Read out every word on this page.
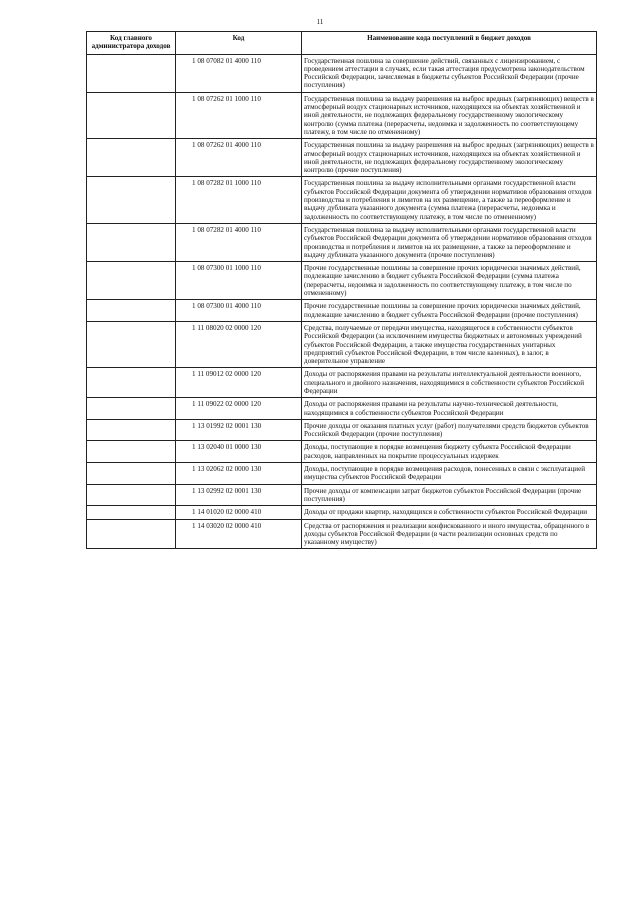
11
Код главного администратора доходов	Код	Наименование кода поступлений в бюджет доходов
	1 08 07082 01 4000 110	Государственная пошлина за совершение действий, связанных с лицензированием, с проведением аттестации в случаях, если такая аттестация предусмотрена законодательством Российской Федерации, зачисляемая в бюджеты субъектов Российской Федерации (прочие поступления)
	1 08 07262 01 1000 110	Государственная пошлина за выдачу разрешения на выброс вредных (загрязняющих) веществ в атмосферный воздух стационарных источников, находящихся на объектах хозяйственной и иной деятельности, не подлежащих федеральному государственному экологическому контролю (сумма платежа (перерасчеты, недоимка и задолженность по соответствующему платежу, в том числе по отмененному)
	1 08 07262 01 4000 110	Государственная пошлина за выдачу разрешения на выброс вредных (загрязняющих) веществ в атмосферный воздух стационарных источников, находящихся на объектах хозяйственной и иной деятельности, не подлежащих федеральному государственному экологическому контролю (прочие поступления)
	1 08 07282 01 1000 110	Государственная пошлина за выдачу исполнительными органами государственной власти субъектов Российской Федерации документа об утверждении нормативов образования отходов производства и потребления и лимитов на их размещение, а также за переоформление и выдачу дубликата указанного документа (сумма платежа (перерасчеты, недоимка и задолженность по соответствующему платежу, в том числе по отмененному)
	1 08 07282 01 4000 110	Государственная пошлина за выдачу исполнительными органами государственной власти субъектов Российской Федерации документа об утверждении нормативов образования отходов производства и потребления и лимитов на их размещение, а также за переоформление и выдачу дубликата указанного документа (прочие поступления)
	1 08 07300 01 1000 110	Прочие государственные пошлины за совершение прочих юридически значимых действий, подлежащие зачислению в бюджет субъекта Российской Федерации (сумма платежа (перерасчеты, недоимка и задолженность по соответствующему платежу, в том числе по отмененному)
	1 08 07300 01 4000 110	Прочие государственные пошлины за совершение прочих юридически значимых действий, подлежащие зачислению в бюджет субъекта Российской Федерации (прочие поступления)
	1 11 08020 02 0000 120	Средства, получаемые от передачи имущества, находящегося в собственности субъектов Российской Федерации (за исключением имущества бюджетных и автономных учреждений субъектов Российской Федерации, а также имущества государственных унитарных предприятий субъектов Российской Федерации, в том числе казенных), в залог, в доверительное управление
	1 11 09012 02 0000 120	Доходы от распоряжения правами на результаты интеллектуальной деятельности военного, специального и двойного назначения, находящимися в собственности субъектов Российской Федерации
	1 11 09022 02 0000 120	Доходы от распоряжения правами на результаты научно-технической деятельности, находящимися в собственности субъектов Российской Федерации
	1 13 01992 02 0001 130	Прочие доходы от оказания платных услуг (работ) получателями средств бюджетов субъектов Российской Федерации (прочие поступления)
	1 13 02040 01 0000 130	Доходы, поступающие в порядке возмещения бюджету субъекта Российской Федерации расходов, направленных на покрытие процессуальных издержек
	1 13 02062 02 0000 130	Доходы, поступающие в порядке возмещения расходов, понесенных в связи с эксплуатацией имущества субъектов Российской Федерации
	1 13 02992 02 0001 130	Прочие доходы от компенсации затрат бюджетов субъектов Российской Федерации (прочие поступления)
	1 14 01020 02 0000 410	Доходы от продажи квартир, находящихся в собственности субъектов Российской Федерации
	1 14 03020 02 0000 410	Средства от распоряжения и реализации конфискованного и иного имущества, обращенного в доходы субъектов Российской Федерации (в части реализации основных средств по указанному имуществу)
